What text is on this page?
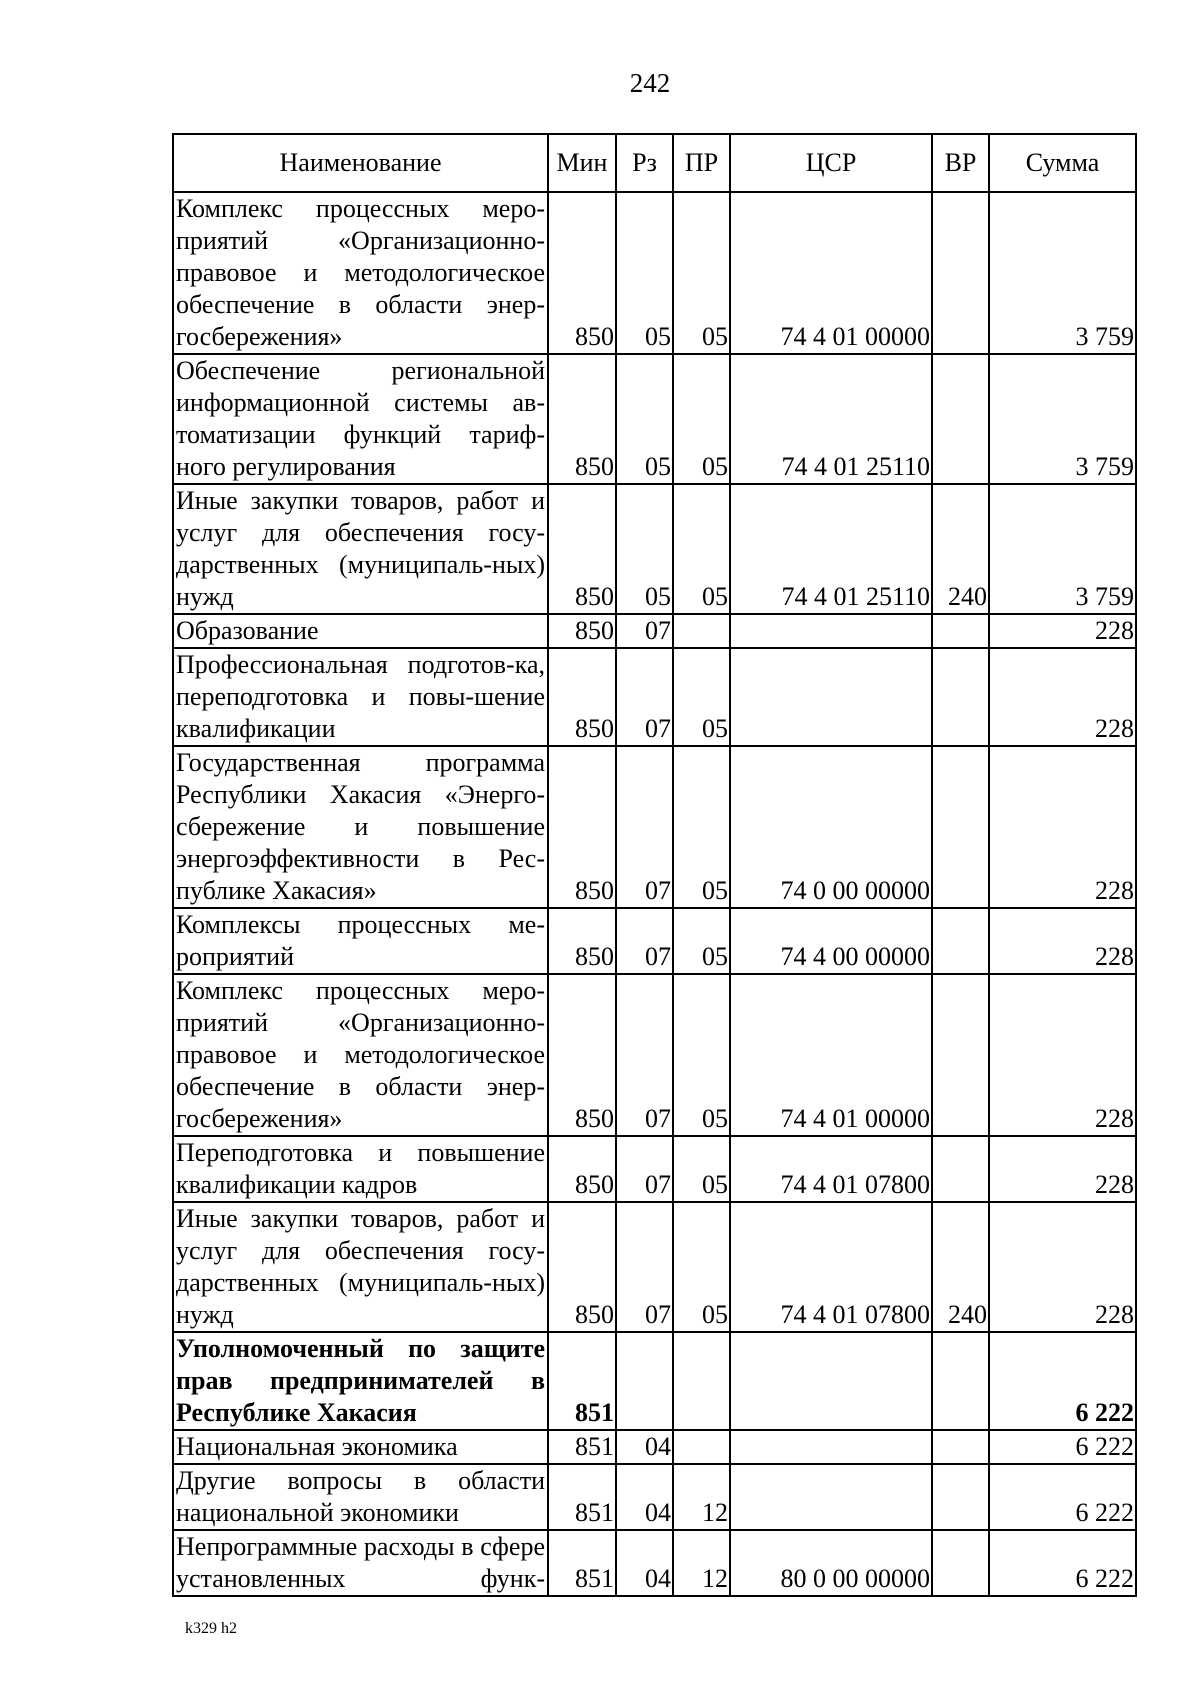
242
Наименование	Мин	Рз	ПР	ЦСР	ВР	Сумма
Комплекс процессных меро-приятий «Организационно-правовое и методологическое обеспечение в области энер-госбережения»	850	05	05	74 4 01 00000		3 759
Обеспечение региональной информационной системы ав-томатизации функций тариф-ного регулирования	850	05	05	74 4 01 25110		3 759
Иные закупки товаров, работ и услуг для обеспечения госу-дарственных (муниципаль-ных) нужд	850	05	05	74 4 01 25110	240	3 759
Образование	850	07				228
Профессиональная подготов-ка, переподготовка и повы-шение квалификации	850	07	05			228
Государственная программа Республики Хакасия «Энерго-сбережение и повышение энергоэффективности в Рес-публике Хакасия»	850	07	05	74 0 00 00000		228
Комплексы процессных ме-роприятий	850	07	05	74 4 00 00000		228
Комплекс процессных меро-приятий «Организационно-правовое и методологическое обеспечение в области энер-госбережения»	850	07	05	74 4 01 00000		228
Переподготовка и повышение квалификации кадров	850	07	05	74 4 01 07800		228
Иные закупки товаров, работ и услуг для обеспечения госу-дарственных (муниципаль-ных) нужд	850	07	05	74 4 01 07800	240	228
Уполномоченный по защите прав предпринимателей в Республике Хакасия	851					6 222
Национальная экономика	851	04				6 222
Другие вопросы в области национальной экономики	851	04	12			6 222
Непрограммные расходы в сфере установленных функ-	851	04	12	80 0 00 00000		6 222
k329 h2
